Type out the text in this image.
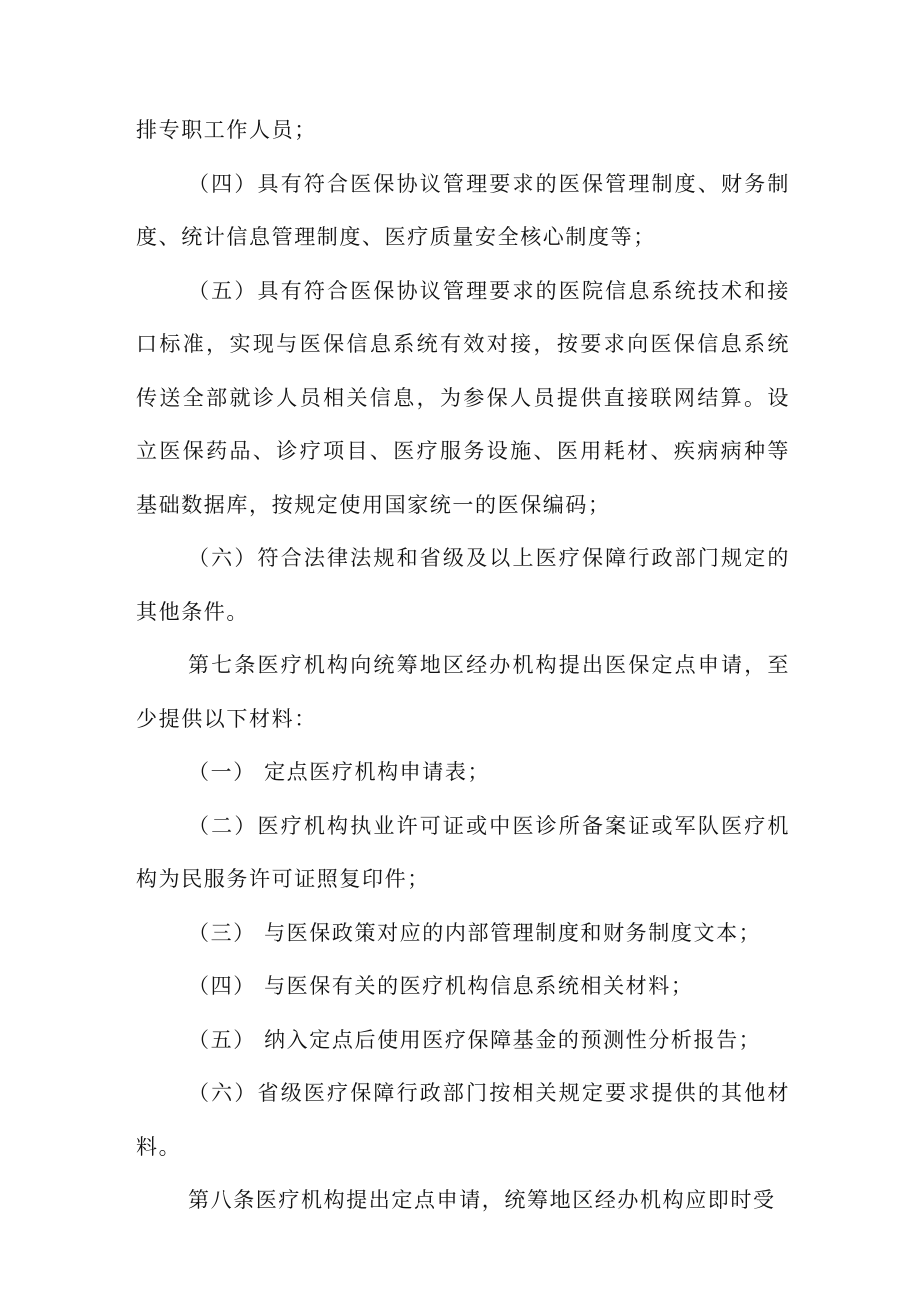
排专职工作人员；

（四）具有符合医保协议管理要求的医保管理制度、财务制度、统计信息管理制度、医疗质量安全核心制度等；

（五）具有符合医保协议管理要求的医院信息系统技术和接口标准，实现与医保信息系统有效对接，按要求向医保信息系统传送全部就诊人员相关信息，为参保人员提供直接联网结算。设立医保药品、诊疗项目、医疗服务设施、医用耗材、疾病病种等基础数据库，按规定使用国家统一的医保编码；

（六）符合法律法规和省级及以上医疗保障行政部门规定的其他条件。

第七条医疗机构向统筹地区经办机构提出医保定点申请，至少提供以下材料：

（一） 定点医疗机构申请表；

（二）医疗机构执业许可证或中医诊所备案证或军队医疗机构为民服务许可证照复印件；

（三） 与医保政策对应的内部管理制度和财务制度文本；

（四） 与医保有关的医疗机构信息系统相关材料；

（五） 纳入定点后使用医疗保障基金的预测性分析报告；

（六）省级医疗保障行政部门按相关规定要求提供的其他材料。

第八条医疗机构提出定点申请，统筹地区经办机构应即时受
